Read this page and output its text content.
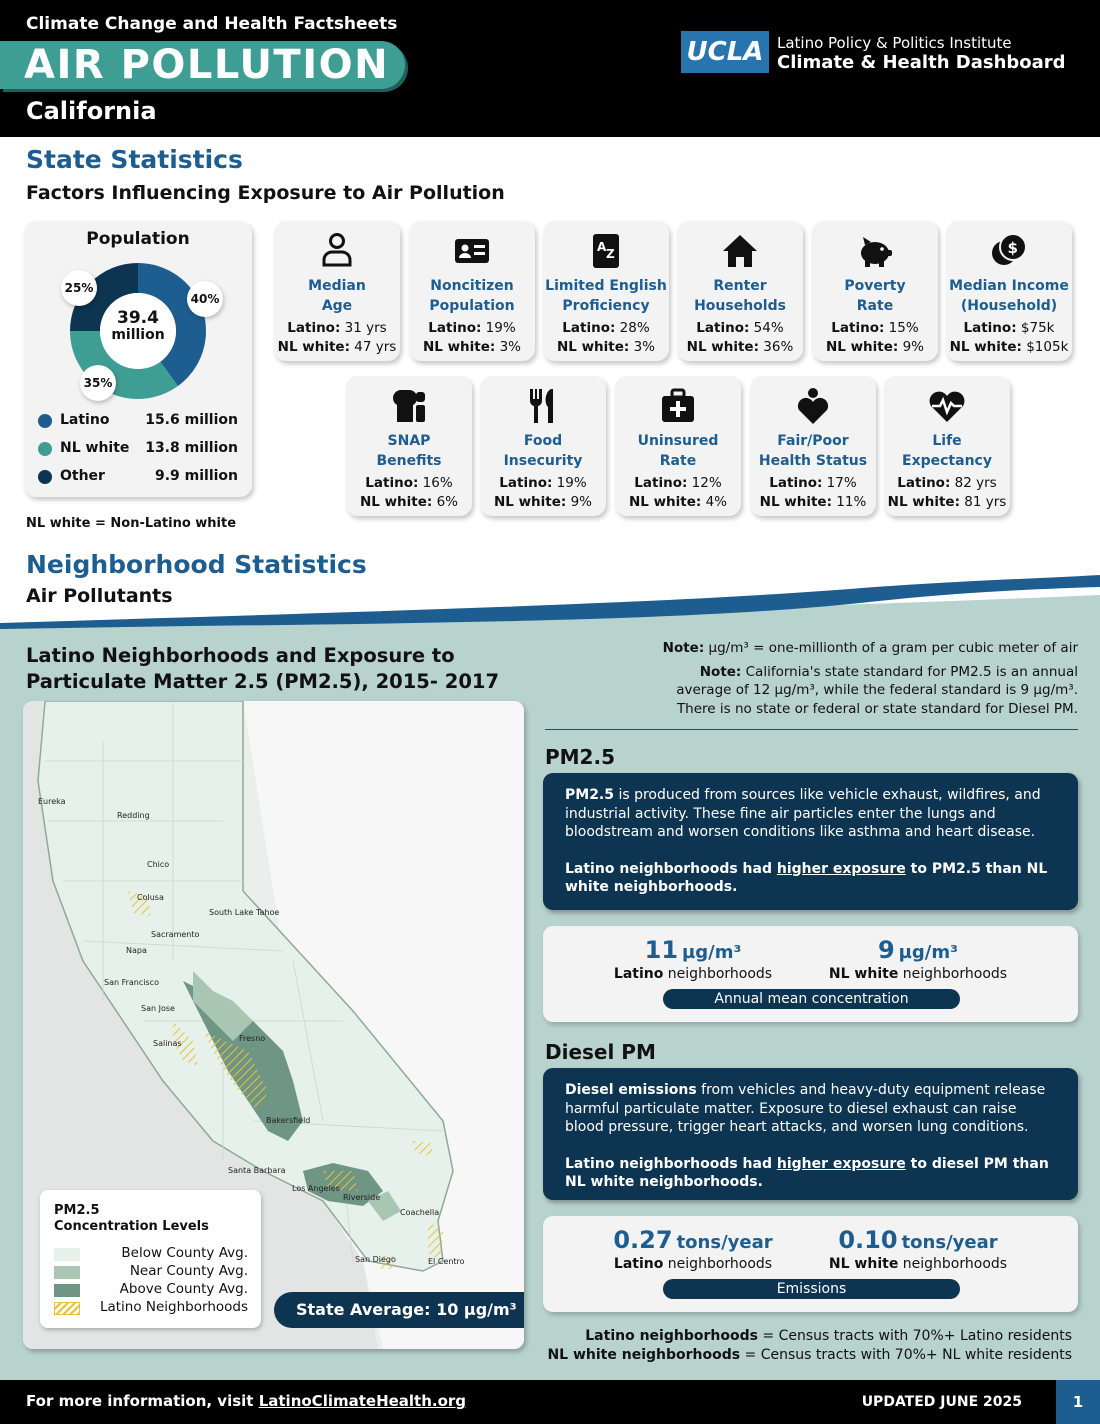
Climate Change and Health Factsheets
AIR POLLUTION
California
UCLA Latino Policy & Politics Institute
Climate & Health Dashboard
State Statistics
Factors Influencing Exposure to Air Pollution
Population
25%
40%
35%
39.4
million
Latino	15.6 million
NL white 13.8 million
Other	9.9 million
NL white = Non-Latino white
Median
Age
Latino: 31 yrs
NL white: 47 yrs
Noncitizen
Population
Latino: 19%
NL white: 3%
A Z
Limited English
Proficiency
Latino: 28%
NL white: 3%
Renter
Households
Latino: 54%
NL white: 36%
Poverty
Rate
Latino: 15%
NL white: 9%
$
Median Income
(Household)
Latino: $75k
NL white: $105k
SNAP
Benefits
Latino: 16%
NL white: 6%
Food
Insecurity
Latino: 19%
NL white: 9%
Uninsured
Rate
Latino: 12%
NL white: 4%
Fair/Poor
Health Status
Latino: 17%
NL white: 11%
Life
Expectancy
Latino: 82 yrs
NL white: 81 yrs
Neighborhood Statistics
Air Pollutants
Latino Neighborhoods and Exposure to
Particulate Matter 2.5 (PM2.5), 2015- 2017
Note: µg/m³ = one-millionth of a gram per cubic meter of air
Note: California's state standard for PM2.5 is an annual
average of 12 µg/m³, while the federal standard is 9 µg/m³.
There is no state or federal or state standard for Diesel PM.
Eureka
Redding
Chico
Colusa
South Lake Tahoe
Sacramento
Napa
San Francisco
San Jose
Salinas
Fresno
Bakersfield
Santa Barbara
Los Angeles
Riverside
Coachella
San Diego	El Centro
PM2.5
Concentration Levels
Below County Avg.
Near County Avg.
Above County Avg.
Latino Neighborhoods	State Average: 10 µg/m³
PM2.5

PM2.5 is produced from sources like vehicle exhaust, wildfires, and industrial activity. These fine air particles enter the lungs and bloodstream and worsen conditions like asthma and heart disease.

Latino neighborhoods had higher exposure to PM2.5 than NL white neighborhoods.

11 µg/m³	9 µg/m³
Latino neighborhoods	NL white neighborhoods
Annual mean concentration
Diesel PM

Diesel emissions from vehicles and heavy-duty equipment release harmful particulate matter. Exposure to diesel exhaust can raise blood pressure, trigger heart attacks, and worsen lung conditions.

Latino neighborhoods had higher exposure to diesel PM than NL white neighborhoods.

0.27 tons/year	0.10 tons/year
Latino neighborhoods	NL white neighborhoods
Emissions
Latino neighborhoods = Census tracts with 70%+ Latino residents
NL white neighborhoods = Census tracts with 70%+ NL white residents
For more information, visit LatinoClimateHealth.org	UPDATED JUNE 2025	1
